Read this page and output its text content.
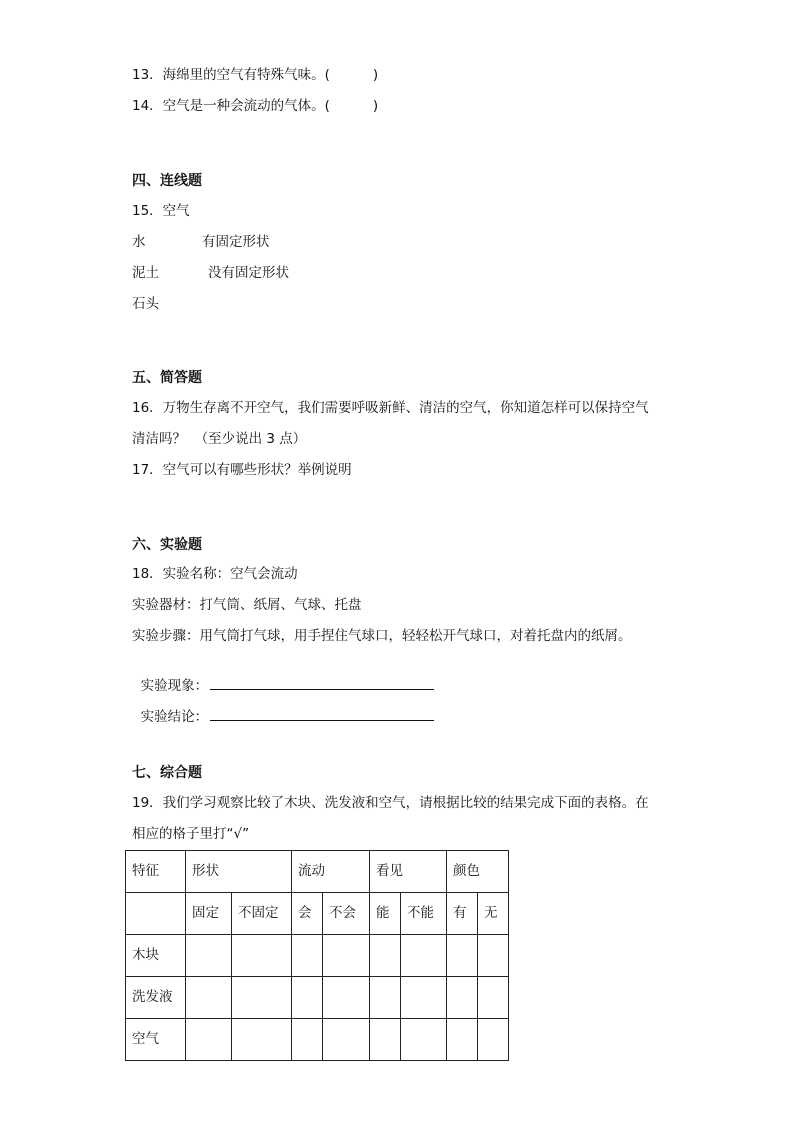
13．海绵里的空气有特殊气味。(          )
14．空气是一种会流动的气体。(          )
四、连线题
15．空气
水	有固定形状
泥土	没有固定形状
石头
五、简答题
16．万物生存离不开空气，我们需要呼吸新鲜、清洁的空气，你知道怎样可以保持空气
清洁吗？  （至少说出 3 点）
17．空气可以有哪些形状？举例说明
六、实验题
18．实验名称：空气会流动
实验器材：打气筒、纸屑、气球、托盘
实验步骤：用气筒打气球，用手捏住气球口，轻轻松开气球口，对着托盘内的纸屑。

实验现象：

实验结论：

七、综合题
19．我们学习观察比较了木块、洗发液和空气，请根据比较的结果完成下面的表格。在
相应的格子里打“√”
特征	形状		流动		看见		颜色	
	固定	不固定	会	不会	能	不能	有	无
木块								
洗发液								
空气								
